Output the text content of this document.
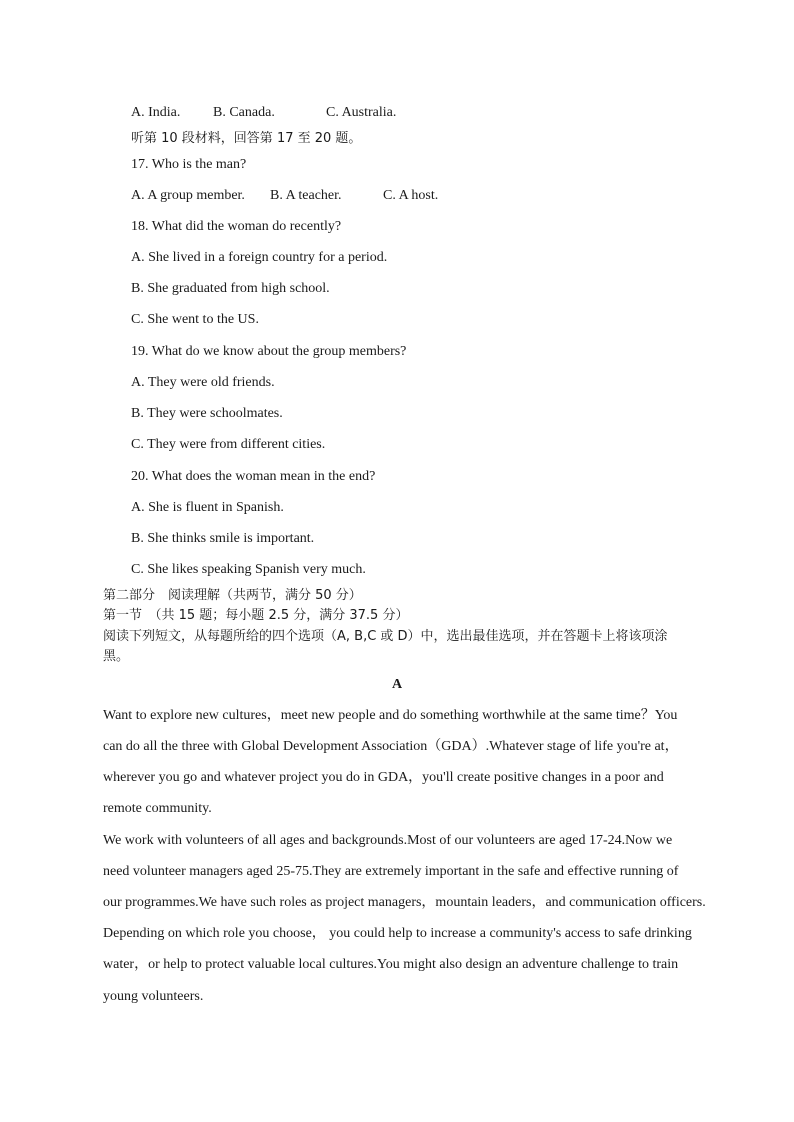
A. India. B. Canada.	C. Australia.
听第 10 段材料，回答第 17 至 20 题。
17. Who is the man?
A. A group member. B. A teacher.	C. A host.
18. What did the woman do recently?
A. She lived in a foreign country for a period.
B. She graduated from high school.
C. She went to the US.
19. What do we know about the group members?
A. They were old friends.
B. They were schoolmates.
C. They were from different cities.
20. What does the woman mean in the end?
A. She is fluent in Spanish.
B. She thinks smile is important.
C. She likes speaking Spanish very much.
第二部分　阅读理解（共两节，满分 50 分）
第一节　（共 15 题；每小题 2.5 分，满分 37.5 分）
阅读下列短文，从每题所给的四个选项（A, B,C 或 D）中，选出最佳选项，并在答题卡上将该项涂
黑。
A
Want to explore new cultures，meet new people and do something worthwhile at the same time？You
can do all the three with Global Development Association（GDA）.Whatever stage of life you're at，
wherever you go and whatever project you do in GDA，you'll create positive changes in a poor and
remote community.
We work with volunteers of all ages and backgrounds.Most of our volunteers are aged 17-24.Now we
need volunteer managers aged 25-75.They are extremely important in the safe and effective running of
our programmes.We have such roles as project managers，mountain leaders，and communication officers.
Depending on which role you choose， you could help to increase a community's access to safe drinking
water，or help to protect valuable local cultures.You might also design an adventure challenge to train
young volunteers.
